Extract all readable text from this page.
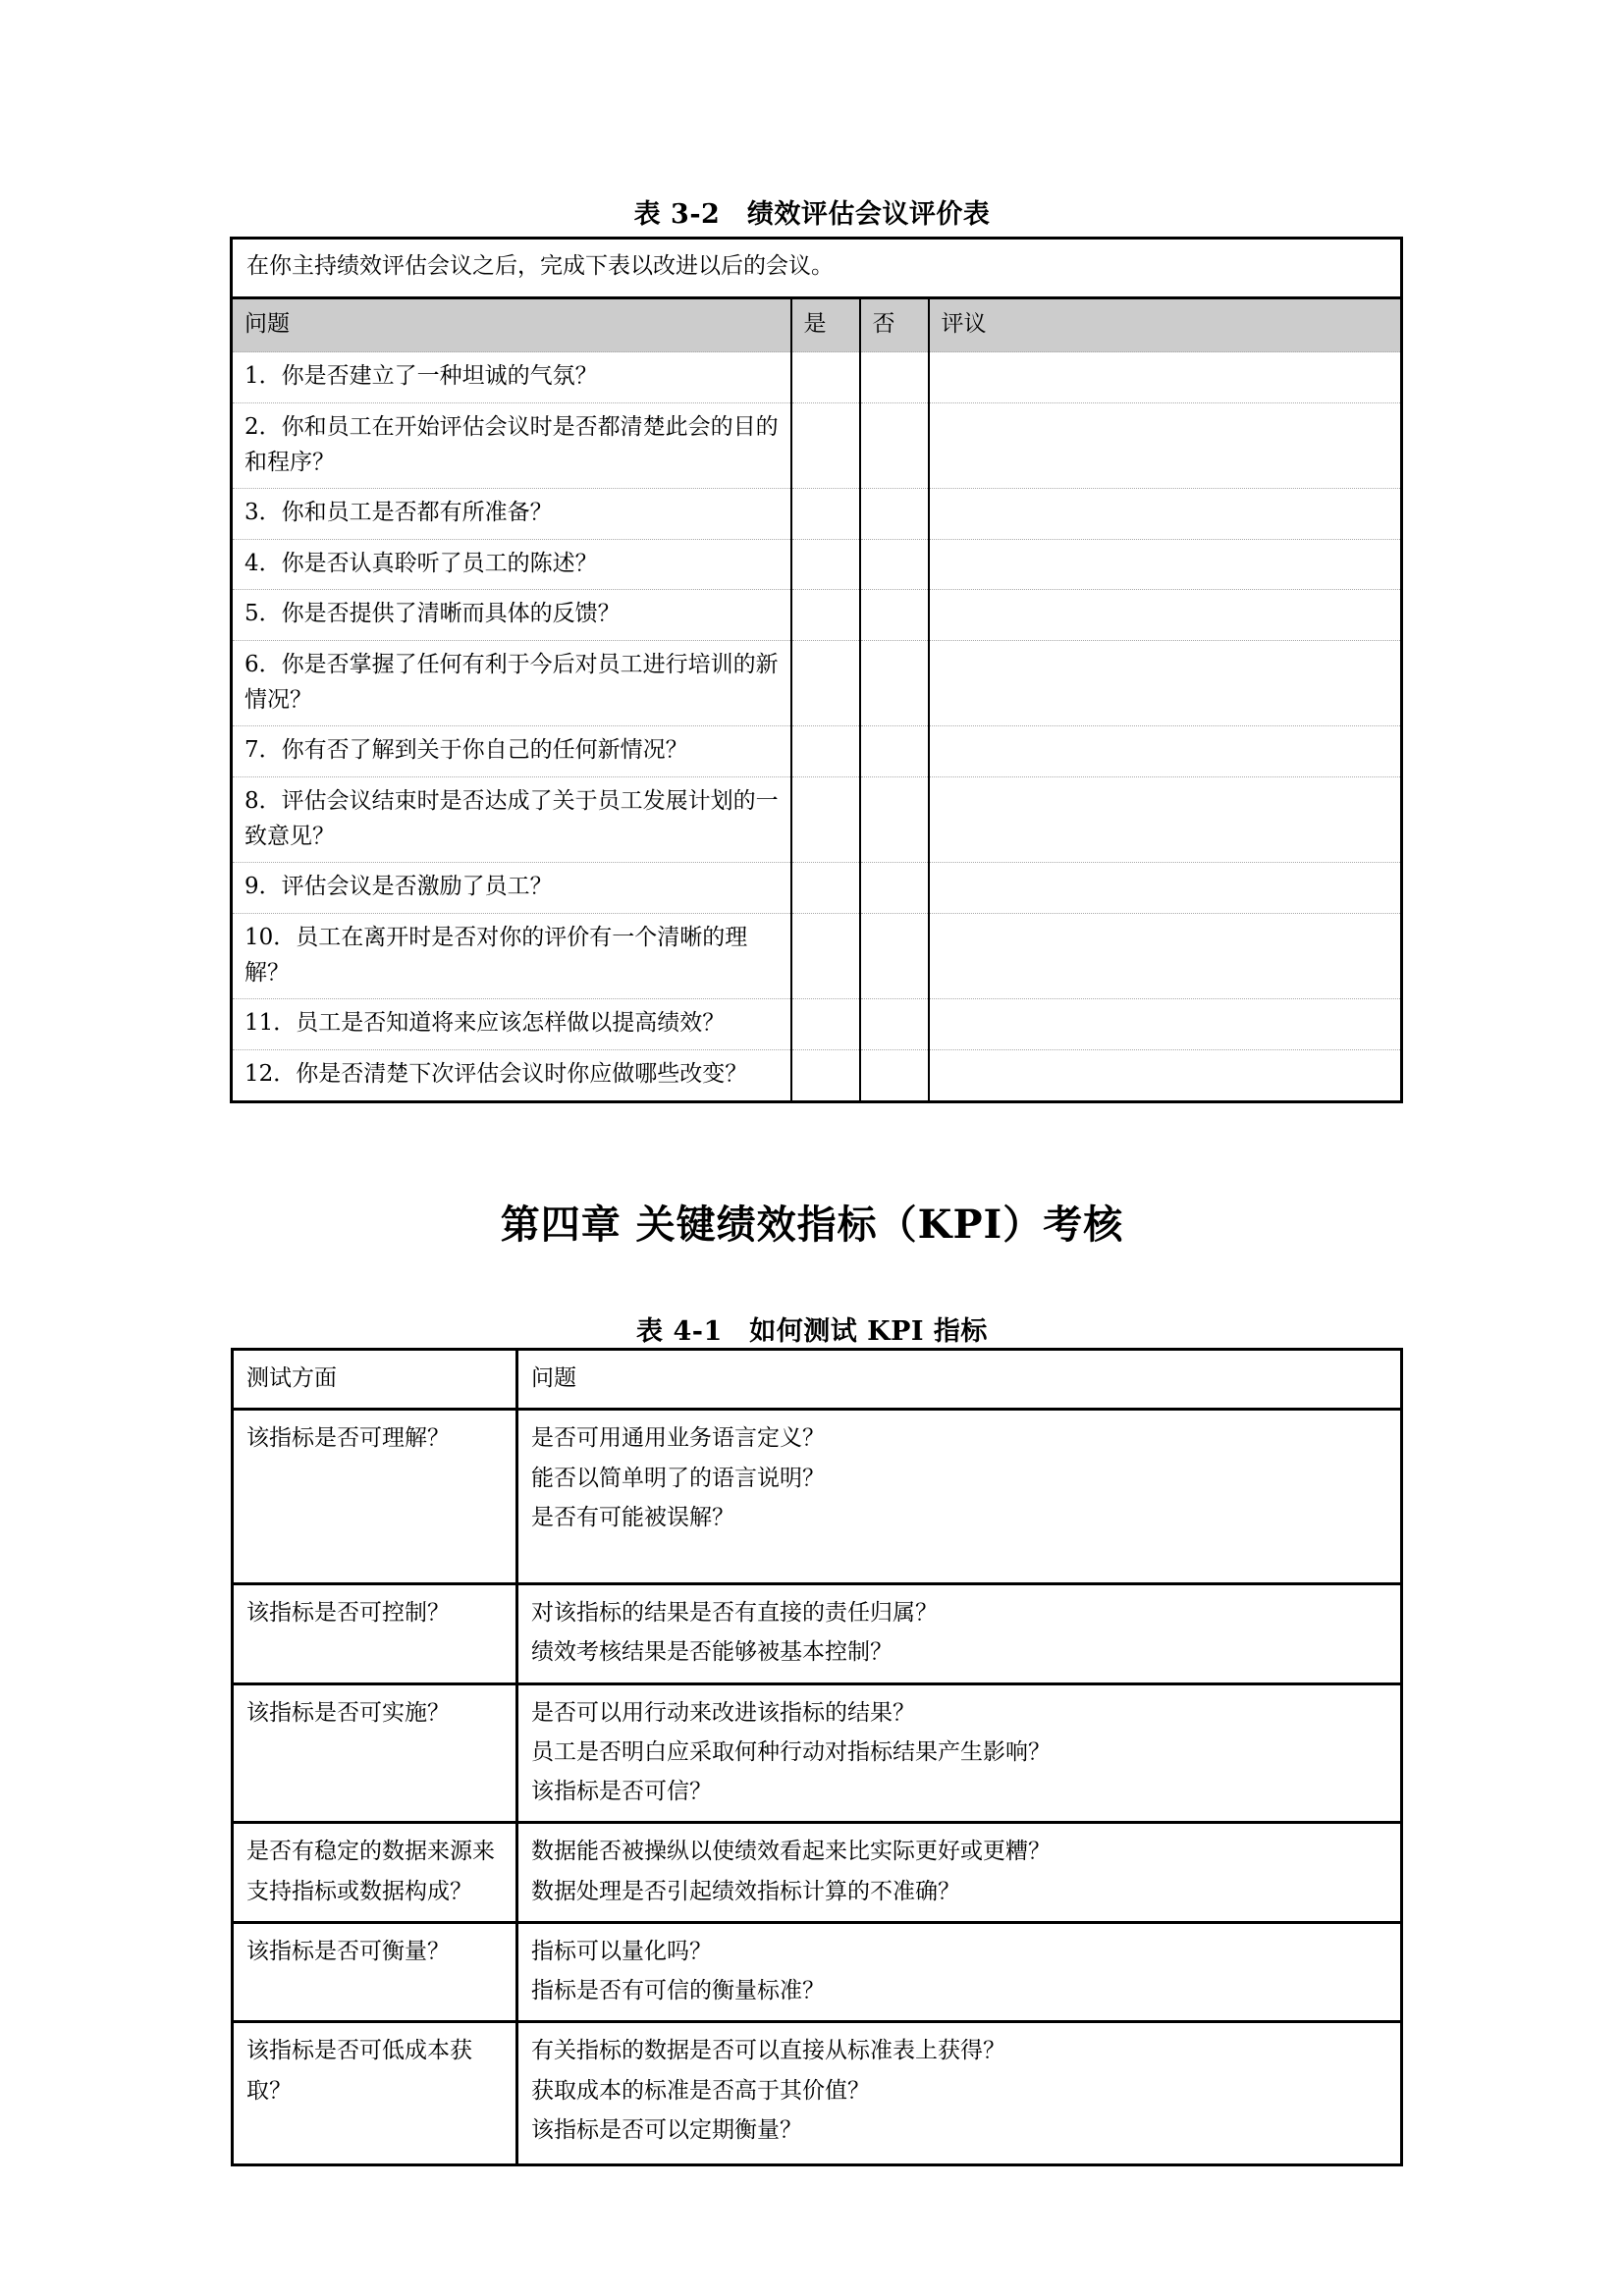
表 3-2　绩效评估会议评价表
在你主持绩效评估会议之后，完成下表以改进以后的会议。			
问题	是	否	评议
1．你是否建立了一种坦诚的气氛？			
2．你和员工在开始评估会议时是否都清楚此会的目的和程序？			
3．你和员工是否都有所准备？			
4．你是否认真聆听了员工的陈述？			
5．你是否提供了清晰而具体的反馈？			
6．你是否掌握了任何有利于今后对员工进行培训的新情况？			
7．你有否了解到关于你自己的任何新情况？			
8．评估会议结束时是否达成了关于员工发展计划的一致意见？			
9．评估会议是否激励了员工？			
10．员工在离开时是否对你的评价有一个清晰的理解？			
11．员工是否知道将来应该怎样做以提高绩效？			
12．你是否清楚下次评估会议时你应做哪些改变？			
第四章 关键绩效指标（KPI）考核
表 4-1　如何测试 KPI 指标
测试方面	问题
该指标是否可理解？	是否可用通用业务语言定义？
能否以简单明了的语言说明？
是否有可能被误解？

该指标是否可控制？	对该指标的结果是否有直接的责任归属？
绩效考核结果是否能够被基本控制？

该指标是否可实施？	是否可以用行动来改进该指标的结果？
员工是否明白应采取何种行动对指标结果产生影响？
该指标是否可信？

是否有稳定的数据来源来支持指标或数据构成？	数据能否被操纵以使绩效看起来比实际更好或更糟？
数据处理是否引起绩效指标计算的不准确？

该指标是否可衡量？	指标可以量化吗？
指标是否有可信的衡量标准？

该指标是否可低成本获取？	有关指标的数据是否可以直接从标准表上获得？
获取成本的标准是否高于其价值？
该指标是否可以定期衡量？
